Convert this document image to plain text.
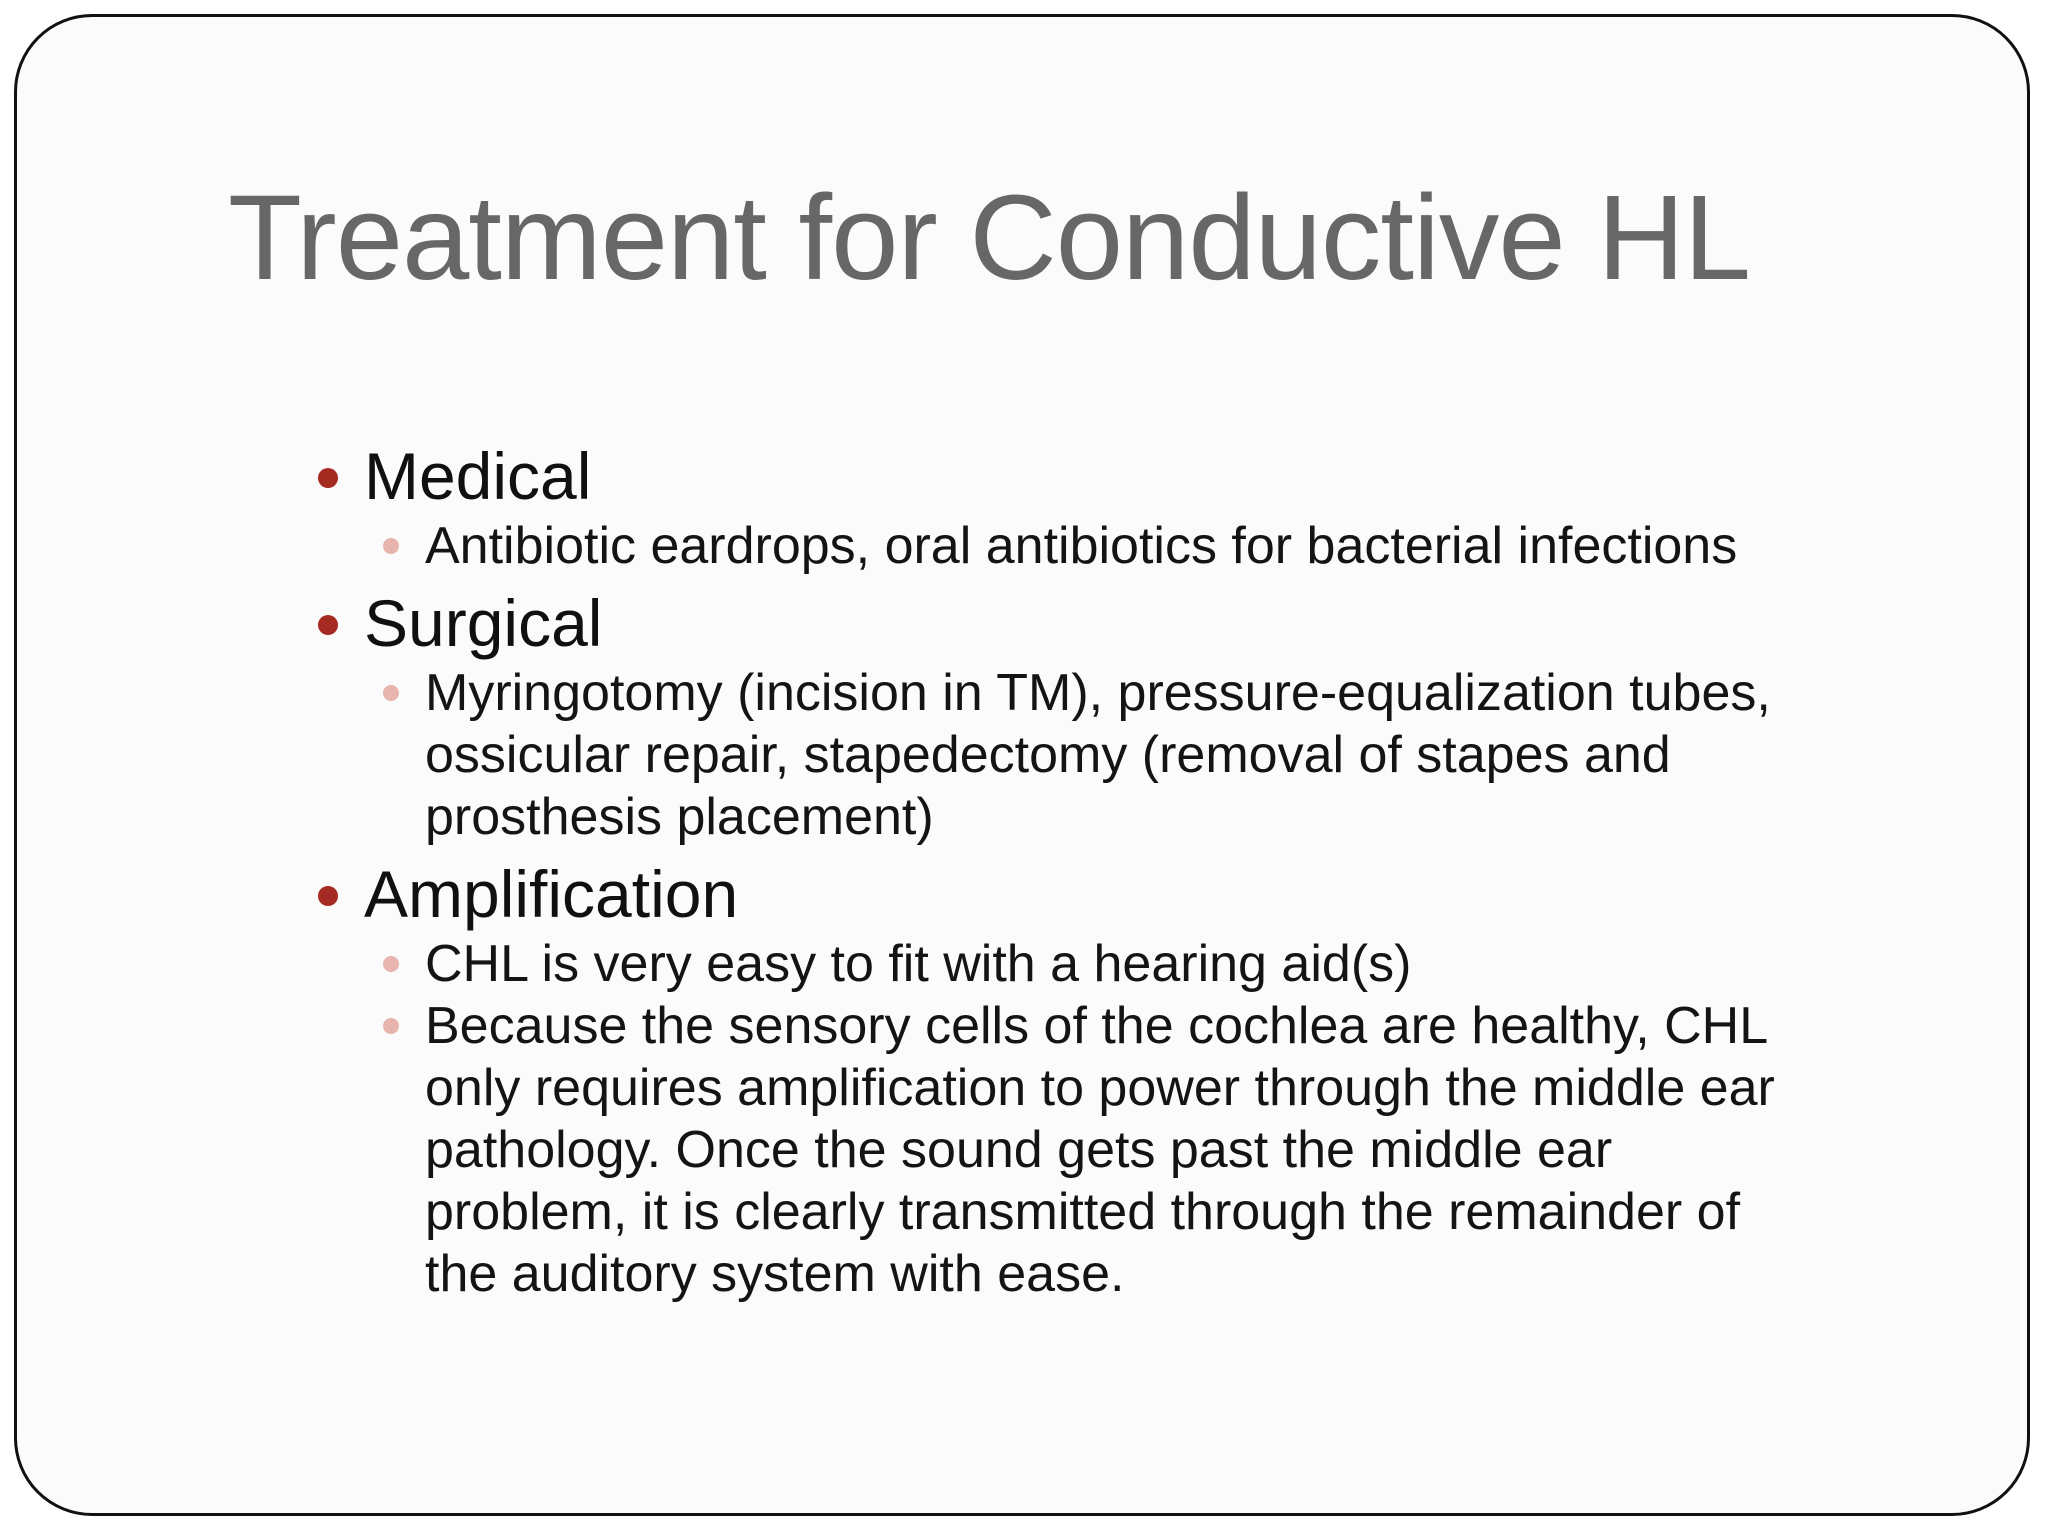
Treatment for Conductive HL
Medical
Antibiotic eardrops, oral antibiotics for bacterial infections
Surgical
Myringotomy (incision in TM), pressure-equalization tubes,
ossicular repair, stapedectomy (removal of stapes and
prosthesis placement)
Amplification
CHL is very easy to fit with a hearing aid(s)
Because the sensory cells of the cochlea are healthy, CHL
only requires amplification to power through the middle ear
pathology. Once the sound gets past the middle ear
problem, it is clearly transmitted through the remainder of
the auditory system with ease.
